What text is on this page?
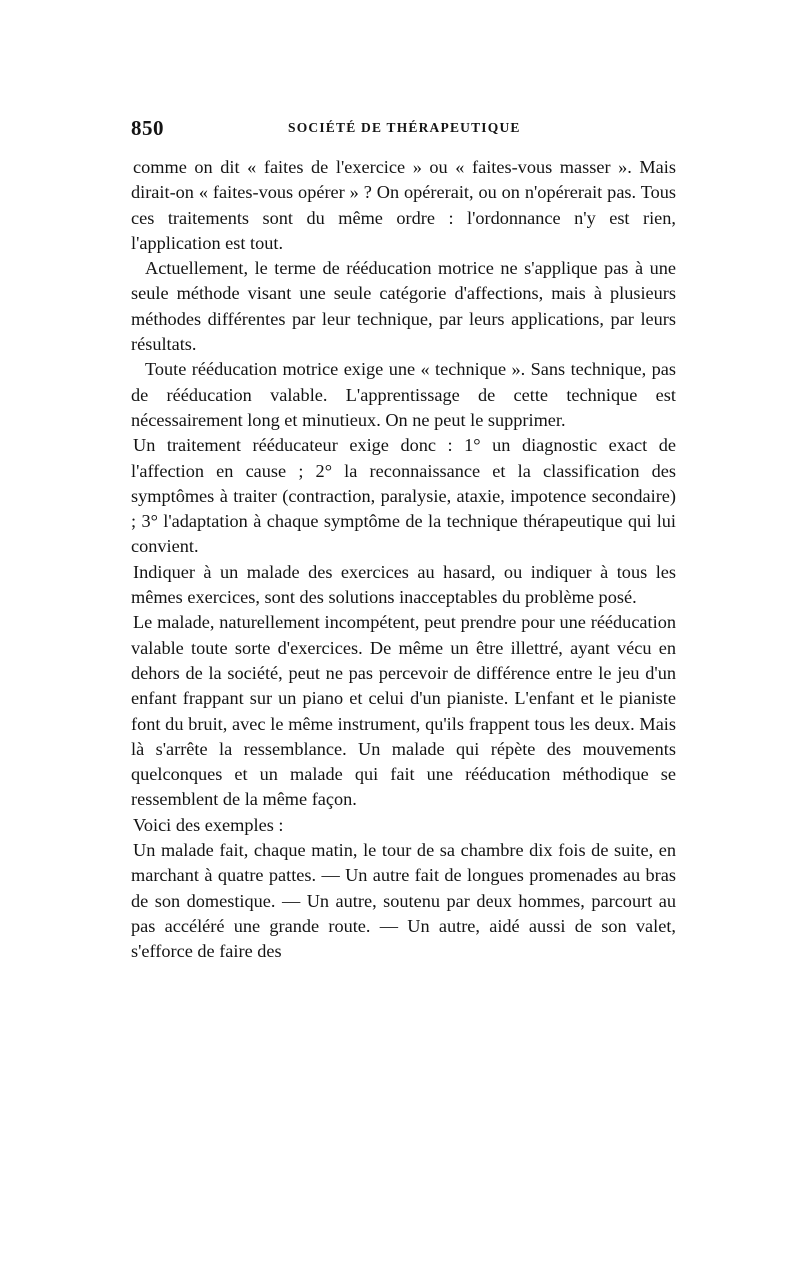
850	SOCIÉTÉ DE THÉRAPEUTIQUE

comme on dit « faites de l'exercice » ou « faites-vous masser ». Mais dirait-on « faites-vous opérer » ? On opérerait, ou on n'opérerait pas. Tous ces traitements sont du même ordre : l'ordonnance n'y est rien, l'application est tout.

Actuellement, le terme de rééducation motrice ne s'applique pas à une seule méthode visant une seule catégorie d'affections, mais à plusieurs méthodes différentes par leur technique, par leurs applications, par leurs résultats.

Toute rééducation motrice exige une « technique ». Sans technique, pas de rééducation valable. L'apprentissage de cette technique est nécessairement long et minutieux. On ne peut le supprimer.

Un traitement rééducateur exige donc : 1° un diagnostic exact de l'affection en cause ; 2° la reconnaissance et la classification des symptômes à traiter (contraction, paralysie, ataxie, impotence secondaire) ; 3° l'adaptation à chaque symptôme de la technique thérapeutique qui lui convient.

Indiquer à un malade des exercices au hasard, ou indiquer à tous les mêmes exercices, sont des solutions inacceptables du problème posé.

Le malade, naturellement incompétent, peut prendre pour une rééducation valable toute sorte d'exercices. De même un être illettré, ayant vécu en dehors de la société, peut ne pas percevoir de différence entre le jeu d'un enfant frappant sur un piano et celui d'un pianiste. L'enfant et le pianiste font du bruit, avec le même instrument, qu'ils frappent tous les deux. Mais là s'arrête la ressemblance. Un malade qui répète des mouvements quelconques et un malade qui fait une rééducation méthodique se ressemblent de la même façon.

Voici des exemples :

Un malade fait, chaque matin, le tour de sa chambre dix fois de suite, en marchant à quatre pattes. — Un autre fait de longues promenades au bras de son domestique. — Un autre, soutenu par deux hommes, parcourt au pas accéléré une grande route. — Un autre, aidé aussi de son valet, s'efforce de faire des
